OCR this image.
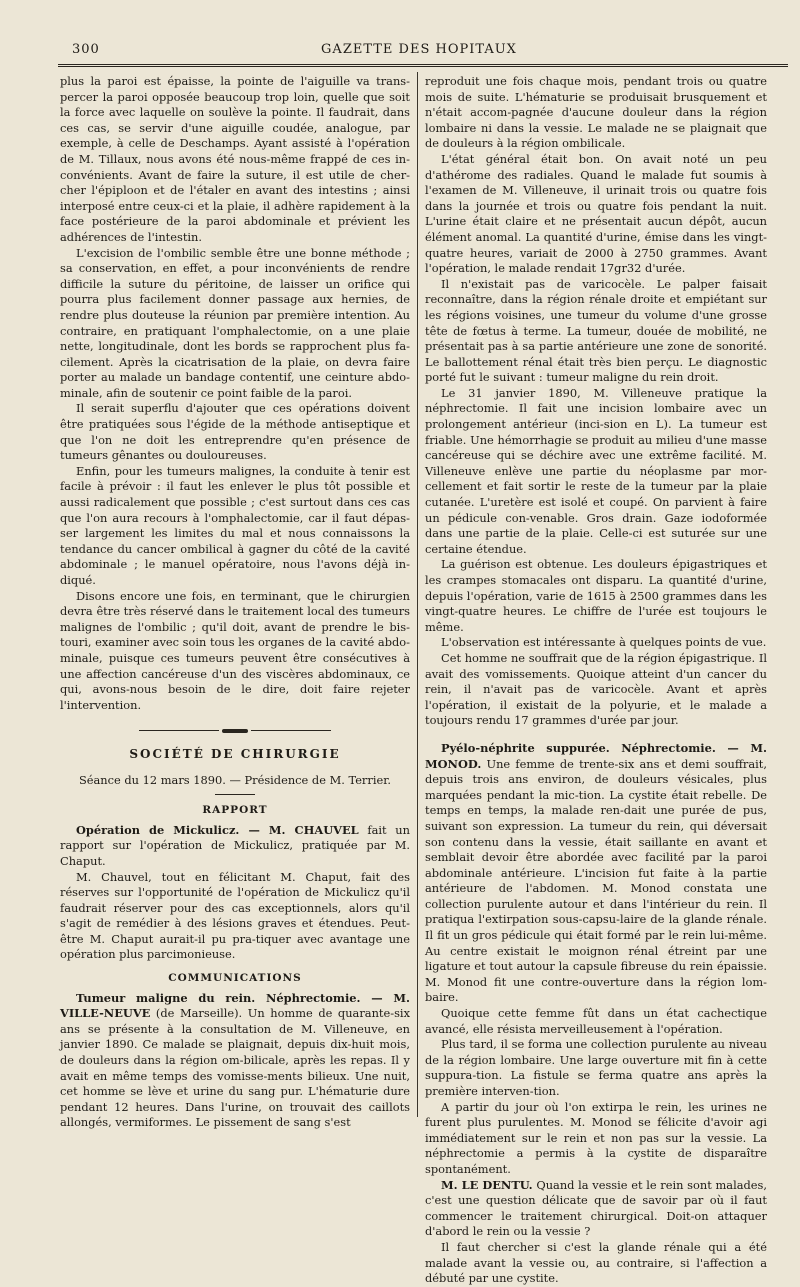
300	GAZETTE DES HOPITAUX

plus la paroi est épaisse, la pointe de l'aiguille va trans-percer la paroi opposée beaucoup trop loin, quelle que soit la force avec laquelle on soulève la pointe. Il faudrait, dans ces cas, se servir d'une aiguille coudée, analogue, par exemple, à celle de Deschamps. Ayant assisté à l'opération de M. Tillaux, nous avons été nous-même frappé de ces in-convénients. Avant de faire la suture, il est utile de cher-cher l'épiploon et de l'étaler en avant des intestins ; ainsi interposé entre ceux-ci et la plaie, il adhère rapidement à la face postérieure de la paroi abdominale et prévient les adhérences de l'intestin.

L'excision de l'ombilic semble être une bonne méthode ; sa conservation, en effet, a pour inconvénients de rendre difficile la suture du péritoine, de laisser un orifice qui pourra plus facilement donner passage aux hernies, de rendre plus douteuse la réunion par première intention. Au contraire, en pratiquant l'omphalectomie, on a une plaie nette, longitudinale, dont les bords se rapprochent plus fa-cilement. Après la cicatrisation de la plaie, on devra faire porter au malade un bandage contentif, une ceinture abdo-minale, afin de soutenir ce point faible de la paroi.

Il serait superflu d'ajouter que ces opérations doivent être pratiquées sous l'égide de la méthode antiseptique et que l'on ne doit les entreprendre qu'en présence de tumeurs gênantes ou douloureuses.

Enfin, pour les tumeurs malignes, la conduite à tenir est facile à prévoir : il faut les enlever le plus tôt possible et aussi radicalement que possible ; c'est surtout dans ces cas que l'on aura recours à l'omphalectomie, car il faut dépas-ser largement les limites du mal et nous connaissons la tendance du cancer ombilical à gagner du côté de la cavité abdominale ; le manuel opératoire, nous l'avons déjà in-diqué.

Disons encore une fois, en terminant, que le chirurgien devra être très réservé dans le traitement local des tumeurs malignes de l'ombilic ; qu'il doit, avant de prendre le bis-touri, examiner avec soin tous les organes de la cavité abdo-minale, puisque ces tumeurs peuvent être consécutives à une affection cancéreuse d'un des viscères abdominaux, ce qui, avons-nous besoin de le dire, doit faire rejeter l'intervention.

SOCIÉTÉ DE CHIRURGIE
Séance du 12 mars 1890. — Présidence de M. Terrier.
RAPPORT

Opération de Mickulicz. — M. CHAUVEL fait un rapport sur l'opération de Mickulicz, pratiquée par M. Chaput.

M. Chauvel, tout en félicitant M. Chaput, fait des réserves sur l'opportunité de l'opération de Mickulicz qu'il faudrait réserver pour des cas exceptionnels, alors qu'il s'agit de remédier à des lésions graves et étendues. Peut-être M. Chaput aurait-il pu pra-tiquer avec avantage une opération plus parcimonieuse.

COMMUNICATIONS

Tumeur maligne du rein. Néphrectomie. — M. VILLE-NEUVE (de Marseille). Un homme de quarante-six ans se présente à la consultation de M. Villeneuve, en janvier 1890. Ce malade se plaignait, depuis dix-huit mois, de douleurs dans la région om-bilicale, après les repas. Il y avait en même temps des vomisse-ments bilieux. Une nuit, cet homme se lève et urine du sang pur. L'hématurie dure pendant 12 heures. Dans l'urine, on trouvait des caillots allongés, vermiformes. Le pissement de sang s'est

reproduit une fois chaque mois, pendant trois ou quatre mois de suite. L'hématurie se produisait brusquement et n'était accom-pagnée d'aucune douleur dans la région lombaire ni dans la vessie. Le malade ne se plaignait que de douleurs à la région ombilicale.

L'état général était bon. On avait noté un peu d'athérome des radiales. Quand le malade fut soumis à l'examen de M. Villeneuve, il urinait trois ou quatre fois dans la journée et trois ou quatre fois pendant la nuit. L'urine était claire et ne présentait aucun dépôt, aucun élément anomal. La quantité d'urine, émise dans les vingt-quatre heures, variait de 2000 à 2750 grammes. Avant l'opération, le malade rendait 17gr32 d'urée.

Il n'existait pas de varicocèle. Le palper faisait reconnaître, dans la région rénale droite et empiétant sur les régions voisines, une tumeur du volume d'une grosse tête de fœtus à terme. La tumeur, douée de mobilité, ne présentait pas à sa partie antérieure une zone de sonorité. Le ballottement rénal était très bien perçu. Le diagnostic porté fut le suivant : tumeur maligne du rein droit.

Le 31 janvier 1890, M. Villeneuve pratique la néphrectomie. Il fait une incision lombaire avec un prolongement antérieur (inci-sion en L). La tumeur est friable. Une hémorrhagie se produit au milieu d'une masse cancéreuse qui se déchire avec une extrême facilité. M. Villeneuve enlève une partie du néoplasme par mor-cellement et fait sortir le reste de la tumeur par la plaie cutanée. L'uretère est isolé et coupé. On parvient à faire un pédicule con-venable. Gros drain. Gaze iodoformée dans une partie de la plaie. Celle-ci est suturée sur une certaine étendue.

La guérison est obtenue. Les douleurs épigastriques et les crampes stomacales ont disparu. La quantité d'urine, depuis l'opération, varie de 1615 à 2500 grammes dans les vingt-quatre heures. Le chiffre de l'urée est toujours le même.

L'observation est intéressante à quelques points de vue.

Cet homme ne souffrait que de la région épigastrique. Il avait des vomissements. Quoique atteint d'un cancer du rein, il n'avait pas de varicocèle. Avant et après l'opération, il existait de la polyurie, et le malade a toujours rendu 17 grammes d'urée par jour.

Pyélo-néphrite suppurée. Néphrectomie. — M. MONOD. Une femme de trente-six ans et demi souffrait, depuis trois ans environ, de douleurs vésicales, plus marquées pendant la mic-tion. La cystite était rebelle. De temps en temps, la malade ren-dait une purée de pus, suivant son expression. La tumeur du rein, qui déversait son contenu dans la vessie, était saillante en avant et semblait devoir être abordée avec facilité par la paroi abdominale antérieure. L'incision fut faite à la partie antérieure de l'abdomen. M. Monod constata une collection purulente autour et dans l'intérieur du rein. Il pratiqua l'extirpation sous-capsu-laire de la glande rénale. Il fit un gros pédicule qui était formé par le rein lui-même. Au centre existait le moignon rénal étreint par une ligature et tout autour la capsule fibreuse du rein épaissie. M. Monod fit une contre-ouverture dans la région lom-baire.

Quoique cette femme fût dans un état cachectique avancé, elle résista merveilleusement à l'opération.

Plus tard, il se forma une collection purulente au niveau de la région lombaire. Une large ouverture mit fin à cette suppura-tion. La fistule se ferma quatre ans après la première interven-tion.

A partir du jour où l'on extirpa le rein, les urines ne furent plus purulentes. M. Monod se félicite d'avoir agi immédiatement sur le rein et non pas sur la vessie. La néphrectomie a permis à la cystite de disparaître spontanément.

M. LE DENTU. Quand la vessie et le rein sont malades, c'est une question délicate que de savoir par où il faut commencer le traitement chirurgical. Doit-on attaquer d'abord le rein ou la vessie ?

Il faut chercher si c'est la glande rénale qui a été malade avant la vessie ou, au contraire, si l'affection a débuté par une cystite.
